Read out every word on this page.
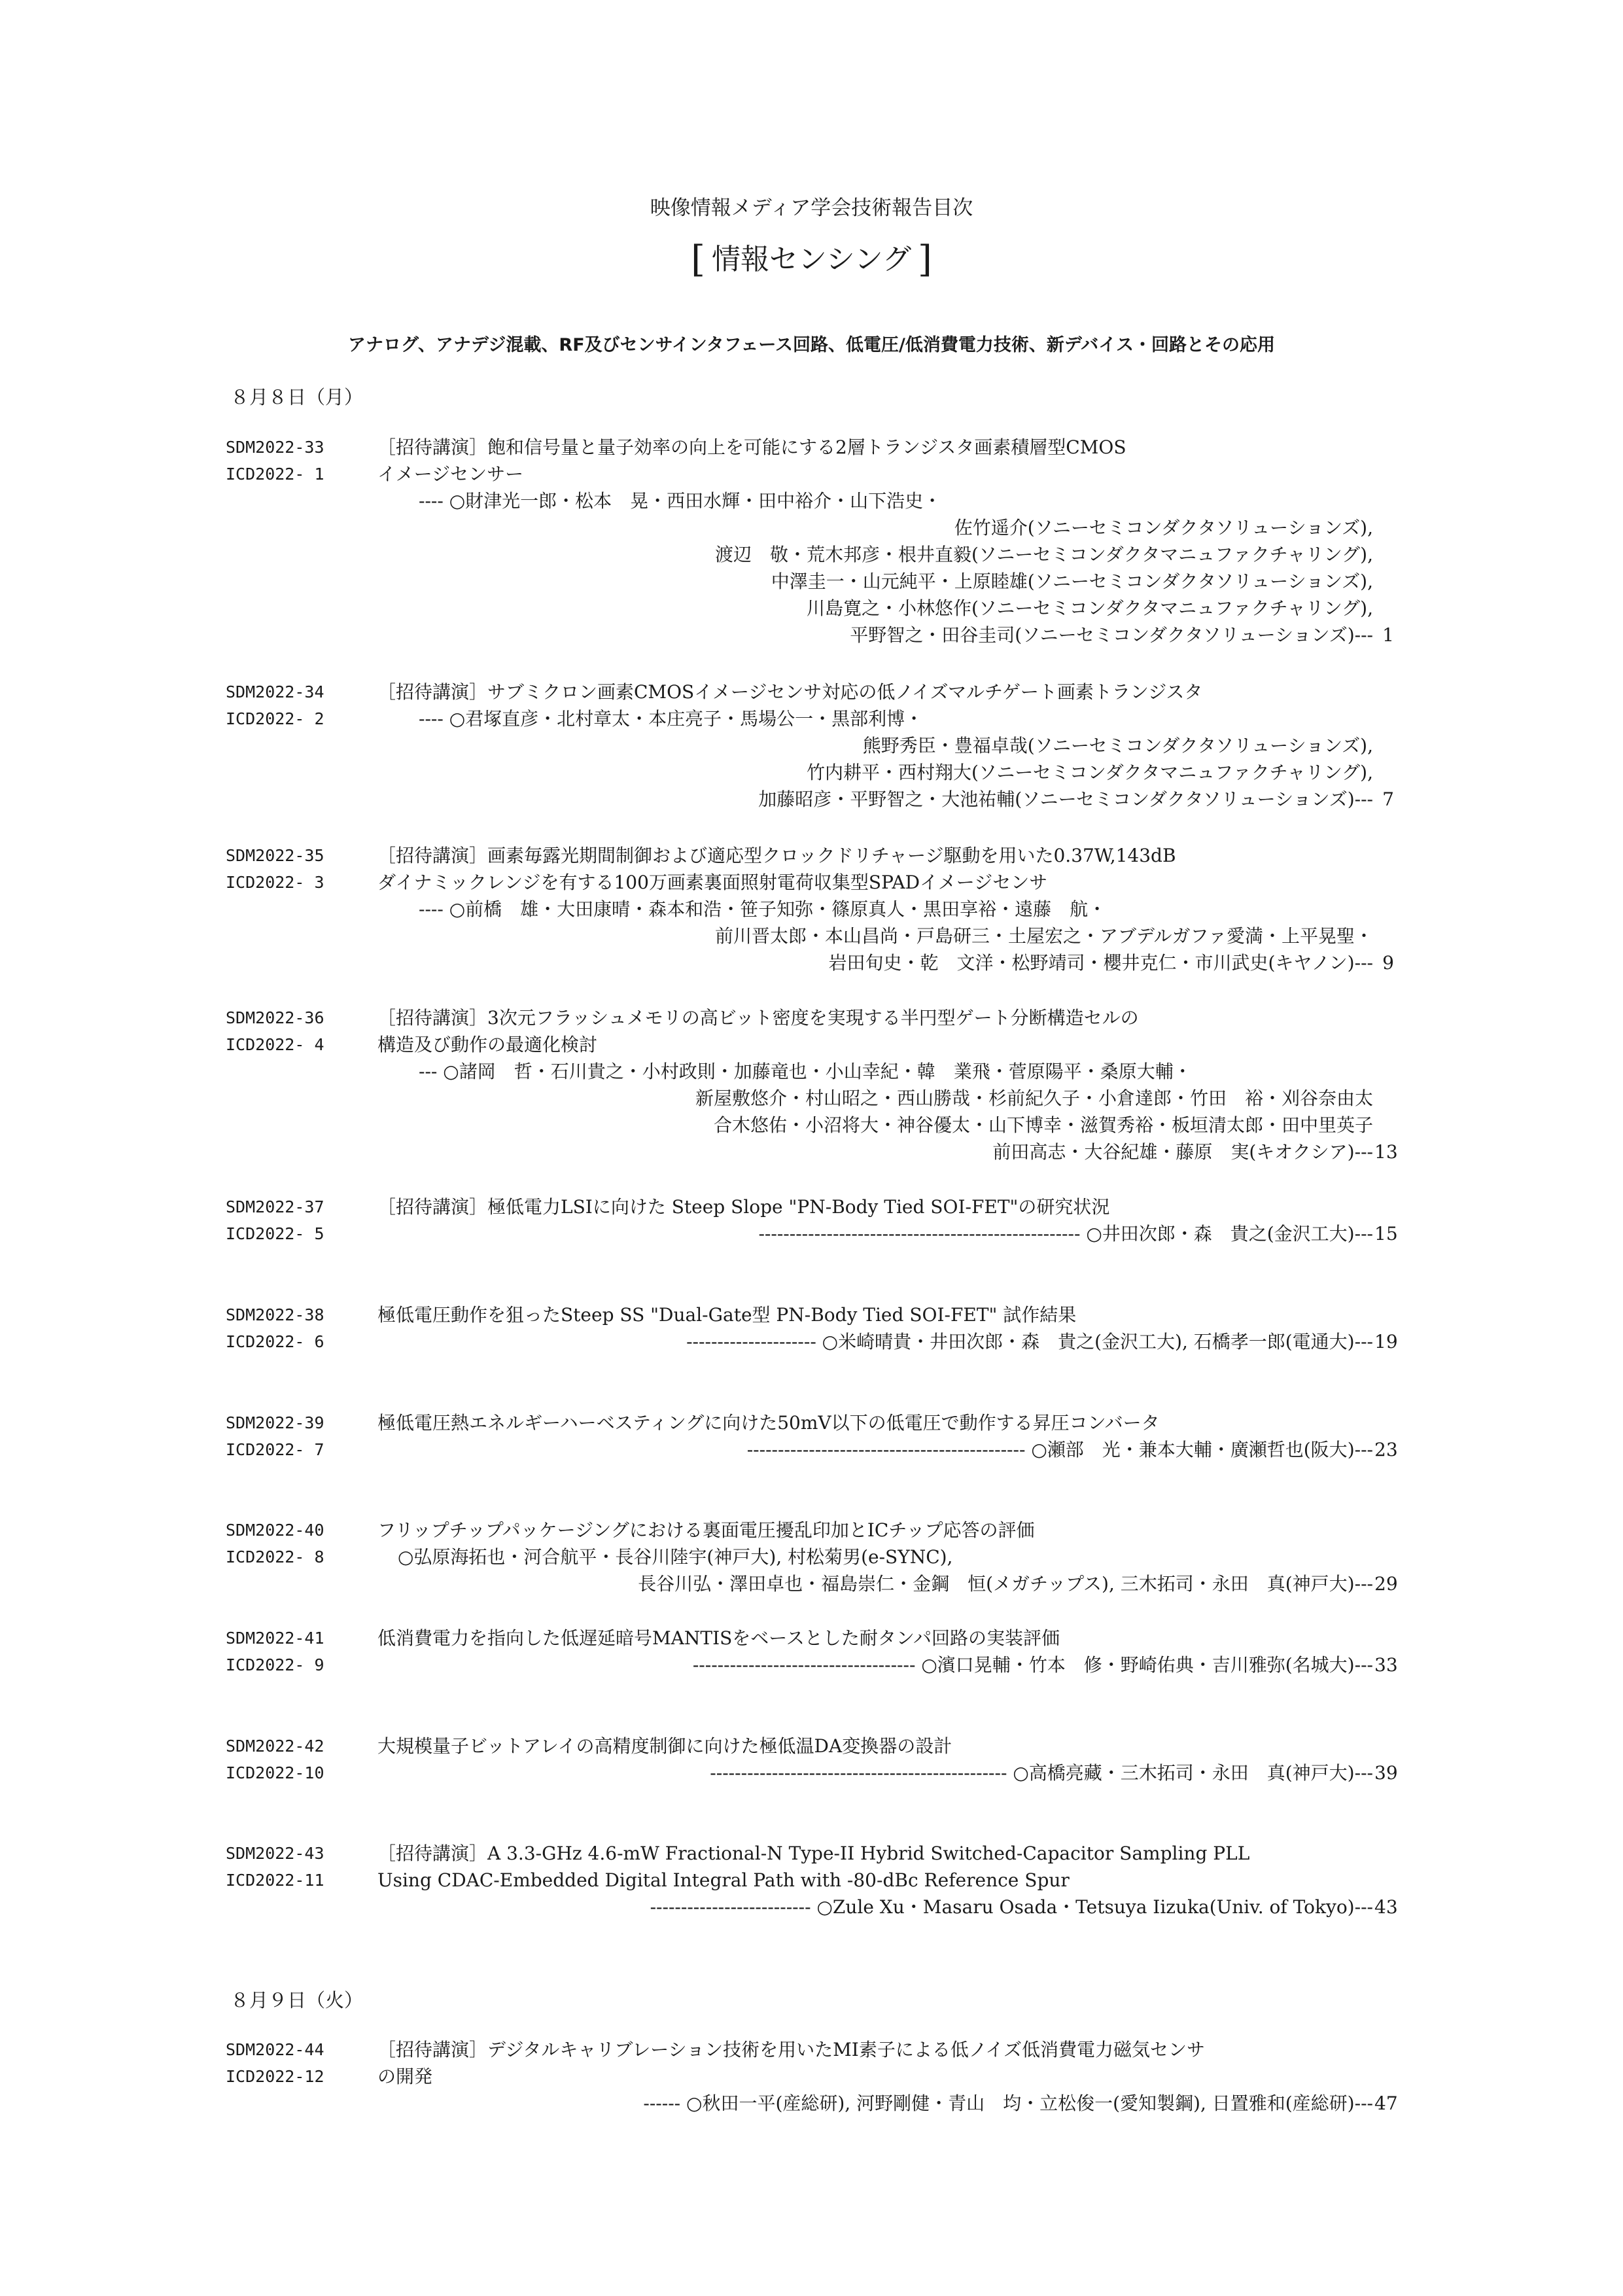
映像情報メディア学会技術報告目次
[ 情報センシング ]
アナログ、アナデジ混載、RF及びセンサインタフェース回路、低電圧/低消費電力技術、新デバイス・回路とその応用
８月８日（月）
８月９日（火）
SDM2022-33
ICD2022- 1
［招待講演］飽和信号量と量子効率の向上を可能にする2層トランジスタ画素積層型CMOS
イメージセンサー
---- ○財津光一郎・松本　晃・西田水輝・田中裕介・山下浩史・
佐竹遥介(ソニーセミコンダクタソリューションズ),
渡辺　敬・荒木邦彦・根井直毅(ソニーセミコンダクタマニュファクチャリング),
中澤圭一・山元純平・上原睦雄(ソニーセミコンダクタソリューションズ),
川島寛之・小林悠作(ソニーセミコンダクタマニュファクチャリング),
平野智之・田谷圭司(ソニーセミコンダクタソリューションズ)--- 1
SDM2022-34
ICD2022- 2
［招待講演］サブミクロン画素CMOSイメージセンサ対応の低ノイズマルチゲート画素トランジスタ
---- ○君塚直彦・北村章太・本庄亮子・馬場公一・黒部利博・
熊野秀臣・豊福卓哉(ソニーセミコンダクタソリューションズ),
竹内耕平・西村翔大(ソニーセミコンダクタマニュファクチャリング),
加藤昭彦・平野智之・大池祐輔(ソニーセミコンダクタソリューションズ)--- 7
SDM2022-35
ICD2022- 3
［招待講演］画素毎露光期間制御および適応型クロックドリチャージ駆動を用いた0.37W,143dB
ダイナミックレンジを有する100万画素裏面照射電荷収集型SPADイメージセンサ
---- ○前橋　雄・大田康晴・森本和浩・笹子知弥・篠原真人・黒田享裕・遠藤　航・
前川晋太郎・本山昌尚・戸島研三・土屋宏之・アブデルガファ愛満・上平晃聖・
岩田旬史・乾　文洋・松野靖司・櫻井克仁・市川武史(キヤノン)--- 9
SDM2022-36
ICD2022- 4
［招待講演］3次元フラッシュメモリの高ビット密度を実現する半円型ゲート分断構造セルの
構造及び動作の最適化検討
--- ○諸岡　哲・石川貴之・小村政則・加藤竜也・小山幸紀・韓　業飛・菅原陽平・桑原大輔・
新屋敷悠介・村山昭之・西山勝哉・杉前紀久子・小倉達郎・竹田　裕・刈谷奈由太
合木悠佑・小沼将大・神谷優太・山下博幸・滋賀秀裕・板垣清太郎・田中里英子
前田高志・大谷紀雄・藤原　実(キオクシア)--- 13
SDM2022-37
ICD2022- 5
［招待講演］極低電力LSIに向けた Steep Slope "PN-Body Tied SOI-FET"の研究状況
---------------------------------------------------- ○井田次郎・森　貴之(金沢工大)--- 15
SDM2022-38
ICD2022- 6
極低電圧動作を狙ったSteep SS "Dual-Gate型 PN-Body Tied SOI-FET" 試作結果
--------------------- ○米崎晴貴・井田次郎・森　貴之(金沢工大), 石橋孝一郎(電通大)--- 19
SDM2022-39
ICD2022- 7
極低電圧熱エネルギーハーベスティングに向けた50mV以下の低電圧で動作する昇圧コンバータ
--------------------------------------------- ○瀬部　光・兼本大輔・廣瀬哲也(阪大)--- 23
SDM2022-40
ICD2022- 8
フリップチップパッケージングにおける裏面電圧擾乱印加とICチップ応答の評価
○弘原海拓也・河合航平・長谷川陸宇(神戸大), 村松菊男(e-SYNC),
長谷川弘・澤田卓也・福島崇仁・金鋼　恒(メガチップス), 三木拓司・永田　真(神戸大)--- 29
SDM2022-41
ICD2022- 9
低消費電力を指向した低遅延暗号MANTISをベースとした耐タンパ回路の実装評価
------------------------------------ ○濱口晃輔・竹本　修・野崎佑典・吉川雅弥(名城大)--- 33
SDM2022-42
ICD2022-10
大規模量子ビットアレイの高精度制御に向けた極低温DA変換器の設計
------------------------------------------------ ○高橋亮藏・三木拓司・永田　真(神戸大)--- 39
SDM2022-43
ICD2022-11
［招待講演］A 3.3-GHz 4.6-mW Fractional-N Type-II Hybrid Switched-Capacitor Sampling PLL
Using CDAC-Embedded Digital Integral Path with -80-dBc Reference Spur
-------------------------- ○Zule Xu・Masaru Osada・Tetsuya Iizuka(Univ. of Tokyo)--- 43
SDM2022-44
ICD2022-12
［招待講演］デジタルキャリブレーション技術を用いたMI素子による低ノイズ低消費電力磁気センサ
の開発
------ ○秋田一平(産総研), 河野剛健・青山　均・立松俊一(愛知製鋼), 日置雅和(産総研)--- 47
